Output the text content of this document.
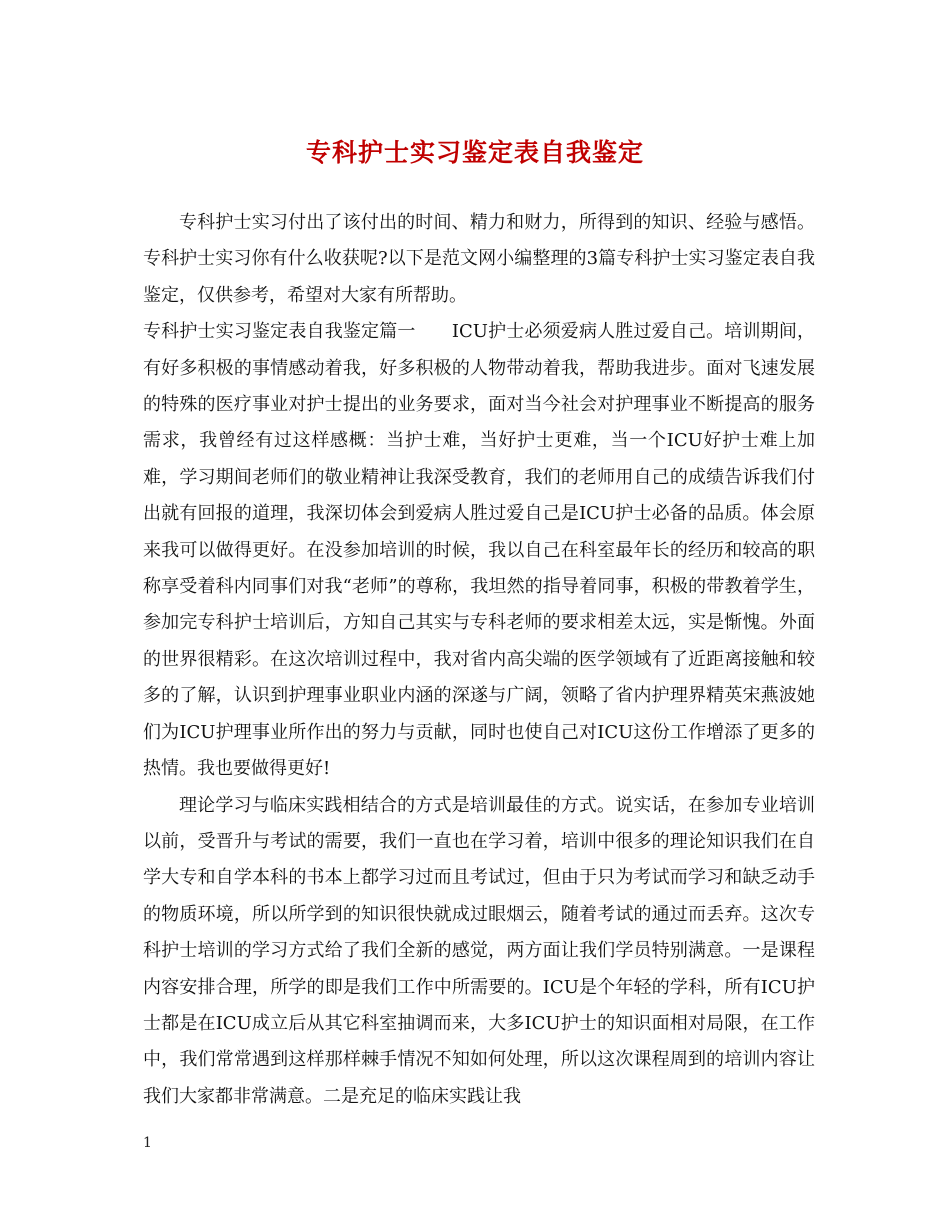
专科护士实习鉴定表自我鉴定

专科护士实习付出了该付出的时间、精力和财力，所得到的知识、经验与感悟。专科护士实习你有什么收获呢?以下是范文网小编整理的3篇专科护士实习鉴定表自我鉴定，仅供参考，希望对大家有所帮助。

专科护士实习鉴定表自我鉴定篇一　　ICU护士必须爱病人胜过爱自己。培训期间，有好多积极的事情感动着我，好多积极的人物带动着我，帮助我进步。面对飞速发展的特殊的医疗事业对护士提出的业务要求，面对当今社会对护理事业不断提高的服务需求，我曾经有过这样感概：当护士难，当好护士更难，当一个ICU好护士难上加难，学习期间老师们的敬业精神让我深受教育，我们的老师用自己的成绩告诉我们付出就有回报的道理，我深切体会到爱病人胜过爱自己是ICU护士必备的品质。体会原来我可以做得更好。在没参加培训的时候，我以自己在科室最年长的经历和较高的职称享受着科内同事们对我“老师”的尊称，我坦然的指导着同事，积极的带教着学生，参加完专科护士培训后，方知自己其实与专科老师的要求相差太远，实是惭愧。外面的世界很精彩。在这次培训过程中，我对省内高尖端的医学领域有了近距离接触和较多的了解，认识到护理事业职业内涵的深遂与广阔，领略了省内护理界精英宋燕波她们为ICU护理事业所作出的努力与贡献，同时也使自己对ICU这份工作增添了更多的热情。我也要做得更好!

理论学习与临床实践相结合的方式是培训最佳的方式。说实话，在参加专业培训以前，受晋升与考试的需要，我们一直也在学习着，培训中很多的理论知识我们在自学大专和自学本科的书本上都学习过而且考试过，但由于只为考试而学习和缺乏动手的物质环境，所以所学到的知识很快就成过眼烟云，随着考试的通过而丢弃。这次专科护士培训的学习方式给了我们全新的感觉，两方面让我们学员特别满意。一是课程内容安排合理，所学的即是我们工作中所需要的。ICU是个年轻的学科，所有ICU护士都是在ICU成立后从其它科室抽调而来，大多ICU护士的知识面相对局限，在工作中，我们常常遇到这样那样棘手情况不知如何处理，所以这次课程周到的培训内容让我们大家都非常满意。二是充足的临床实践让我

1
